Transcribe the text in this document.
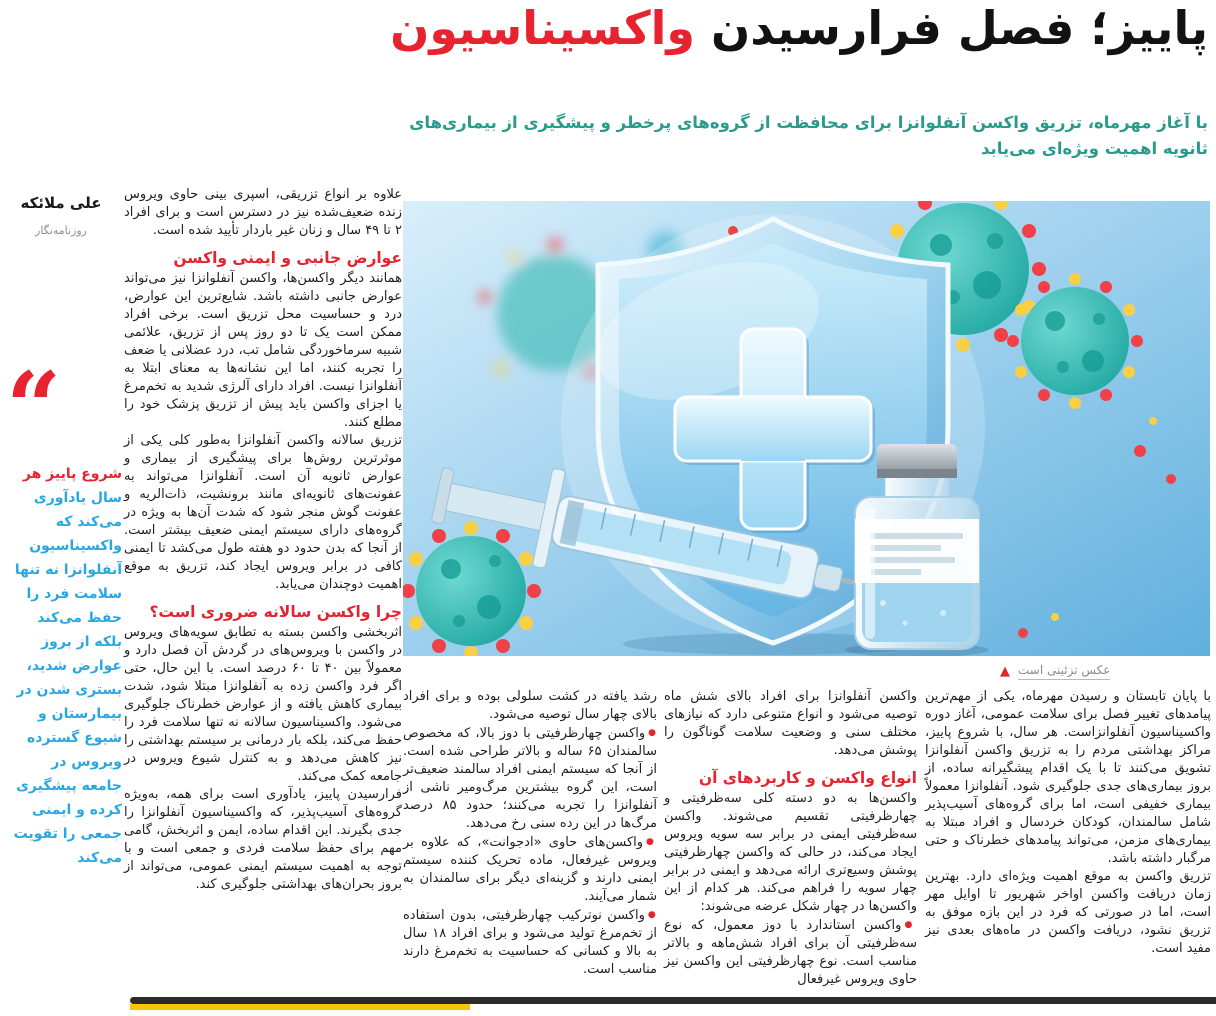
پاییز؛ فصل فرارسیدن واکسیناسیون

با آغاز مهرماه، تزریق واکسن آنفلوانزا برای محافظت از گروه‌های پرخطر و پیشگیری از بیماری‌های ثانویه اهمیت ویژه‌ای می‌یابد

علی ملائکه
روزنامه‌نگار
“

شروع پاییز هر سال یادآوری می‌کند که واکسیناسیون آنفلوانزا نه تنها سلامت فرد را حفظ می‌کند بلکه از بروز عوارض شدید، بستری شدن در بیمارستان و شیوع گسترده ویروس در جامعه پیشگیری کرده و ایمنی جمعی را تقویت می‌کند

علاوه بر انواع تزریقی، اسپری بینی حاوی ویروس زنده ضعیف‌شده نیز در دسترس است و برای افراد ۲ تا ۴۹ سال و زنان غیر باردار تأیید شده است.

عوارض جانبی و ایمنی واکسن

همانند دیگر واکسن‌ها، واکسن آنفلوانزا نیز می‌تواند عوارض جانبی داشته باشد. شایع‌ترین این عوارض، درد و حساسیت محل تزریق است. برخی افراد ممکن است یک تا دو روز پس از تزریق، علائمی شبیه سرماخوردگی شامل تب، درد عضلانی یا ضعف را تجربه کنند، اما این نشانه‌ها به معنای ابتلا به آنفلوانزا نیست. افراد دارای آلرژی شدید به تخم‌مرغ یا اجزای واکسن باید پیش از تزریق پزشک خود را مطلع کنند.

تزریق سالانه واکسن آنفلوانزا به‌طور کلی یکی از موثرترین روش‌ها برای پیشگیری از بیماری و عوارض ثانویه آن است. آنفلوانزا می‌تواند به عفونت‌های ثانویه‌ای مانند برونشیت، ذات‌الریه و عفونت گوش منجر شود که شدت آن‌ها به ویژه در گروه‌های دارای سیستم ایمنی ضعیف بیشتر است. از آنجا که بدن حدود دو هفته طول می‌کشد تا ایمنی کافی در برابر ویروس ایجاد کند، تزریق به موقع اهمیت دوچندان می‌یابد.

چرا واکسن سالانه ضروری است؟

اثربخشی واکسن بسته به تطابق سویه‌های ویروس در واکسن با ویروس‌های در گردش آن فصل دارد و معمولاً بین ۴۰ تا ۶۰ درصد است. با این حال، حتی اگر فرد واکسن زده به آنفلوانزا مبتلا شود، شدت بیماری کاهش یافته و از عوارض خطرناک جلوگیری می‌شود. واکسیناسیون سالانه نه تنها سلامت فرد را حفظ می‌کند، بلکه بار درمانی بر سیستم بهداشتی را نیز کاهش می‌دهد و به کنترل شیوع ویروس در جامعه کمک می‌کند.

فرارسیدن پاییز، یادآوری است برای همه، به‌ویژه گروه‌های آسیب‌پذیر، که واکسیناسیون آنفلوانزا را جدی بگیرند. این اقدام ساده، ایمن و اثربخش، گامی مهم برای حفظ سلامت فردی و جمعی است و با توجه به اهمیت سیستم ایمنی عمومی، می‌تواند از بروز بحران‌های بهداشتی جلوگیری کند.

▲ عکس تزئینی است

با پایان تابستان و رسیدن مهرماه، یکی از مهم‌ترین پیامدهای تغییر فصل برای سلامت عمومی، آغاز دوره واکسیناسیون آنفلوانزاست. هر سال، با شروع پاییز، مراکز بهداشتی مردم را به تزریق واکسن آنفلوانزا تشویق می‌کنند تا با یک اقدام پیشگیرانه ساده، از بروز بیماری‌های جدی جلوگیری شود. آنفلوانزا معمولاً بیماری خفیفی است، اما برای گروه‌های آسیب‌پذیر شامل سالمندان، کودکان خردسال و افراد مبتلا به بیماری‌های مزمن، می‌تواند پیامدهای خطرناک و حتی مرگبار داشته باشد.

تزریق واکسن به موقع اهمیت ویژه‌ای دارد. بهترین زمان دریافت واکسن اواخر شهریور تا اوایل مهر است، اما در صورتی که فرد در این بازه موفق به تزریق نشود، دریافت واکسن در ماه‌های بعدی نیز مفید است.

واکسن آنفلوانزا برای افراد بالای شش ماه توصیه می‌شود و انواع متنوعی دارد که نیازهای مختلف سنی و وضعیت سلامت گوناگون را پوشش می‌دهد.

انواع واکسن و کاربردهای آن

واکسن‌ها به دو دسته کلی سه‌ظرفیتی و چهارظرفیتی تقسیم می‌شوند. واکسن سه‌ظرفیتی ایمنی در برابر سه سویه ویروس ایجاد می‌کند، در حالی که واکسن چهارظرفیتی پوشش وسیع‌تری ارائه می‌دهد و ایمنی در برابر چهار سویه را فراهم می‌کند. هر کدام از این واکسن‌ها در چهار شکل عرضه می‌شوند:

●واکسن استاندارد با دوز معمول، که نوع سه‌ظرفیتی آن برای افراد شش‌ماهه و بالاتر مناسب است. نوع چهارظرفیتی این واکسن نیز حاوی ویروس غیرفعال

رشد یافته در کشت سلولی بوده و برای افراد بالای چهار سال توصیه می‌شود.

●واکسن چهارظرفیتی با دوز بالا، که مخصوص سالمندان ۶۵ ساله و بالاتر طراحی شده است. از آنجا که سیستم ایمنی افراد سالمند ضعیف‌تر است، این گروه بیشترین مرگ‌ومیر ناشی از آنفلوانزا را تجربه می‌کنند؛ حدود ۸۵ درصد مرگ‌ها در این رده سنی رخ می‌دهد.

●واکسن‌های حاوی «ادجوانت»، که علاوه بر ویروس غیرفعال، ماده تحریک کننده سیستم ایمنی دارند و گزینه‌ای دیگر برای سالمندان به شمار می‌آیند.

●واکسن نوترکیب چهارظرفیتی، بدون استفاده از تخم‌مرغ تولید می‌شود و برای افراد ۱۸ سال به بالا و کسانی که حساسیت به تخم‌مرغ دارند مناسب است.
